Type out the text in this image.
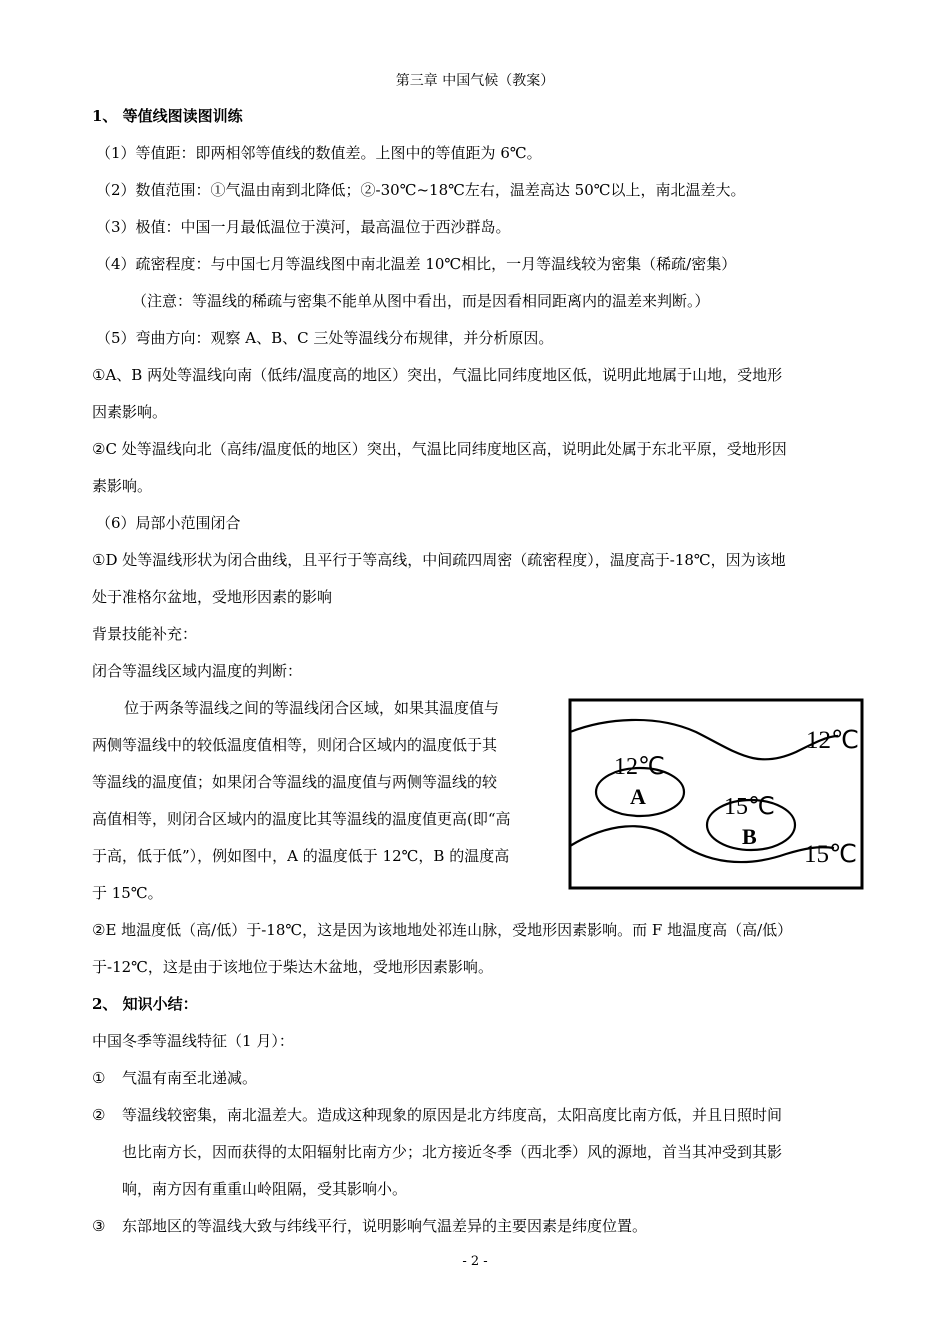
第三章 中国气候（教案）
1、 等值线图读图训练
（1）等值距：即两相邻等值线的数值差。上图中的等值距为 6℃。
（2）数值范围：①气温由南到北降低；②-30℃~18℃左右，温差高达 50℃以上，南北温差大。
（3）极值：中国一月最低温位于漠河，最高温位于西沙群岛。
（4）疏密程度：与中国七月等温线图中南北温差 10℃相比，一月等温线较为密集（稀疏/密集）
（注意：等温线的稀疏与密集不能单从图中看出，而是因看相同距离内的温差来判断。）
（5）弯曲方向：观察 A、B、C 三处等温线分布规律，并分析原因。
①A、B 两处等温线向南（低纬/温度高的地区）突出，气温比同纬度地区低，说明此地属于山地，受地形
因素影响。
②C 处等温线向北（高纬/温度低的地区）突出，气温比同纬度地区高，说明此处属于东北平原，受地形因
素影响。
（6）局部小范围闭合
①D 处等温线形状为闭合曲线，且平行于等高线，中间疏四周密（疏密程度），温度高于-18℃，因为该地
处于准格尔盆地，受地形因素的影响
背景技能补充：
闭合等温线区域内温度的判断：
位于两条等温线之间的等温线闭合区域，如果其温度值与
两侧等温线中的较低温度值相等，则闭合区域内的温度低于其
等温线的温度值；如果闭合等温线的温度值与两侧等温线的较
高值相等，则闭合区域内的温度比其等温线的温度值更高(即“高
于高，低于低”），例如图中，A 的温度低于 12℃，B 的温度高
于 15℃。
12℃
15℃
12℃
A	15℃
B
②E 地温度低（高/低）于-18℃，这是因为该地地处祁连山脉，受地形因素影响。而 F 地温度高（高/低）
于-12℃，这是由于该地位于柴达木盆地，受地形因素影响。
2、 知识小结：
中国冬季等温线特征（1 月）：
① 气温有南至北递减。
② 等温线较密集，南北温差大。造成这种现象的原因是北方纬度高，太阳高度比南方低，并且日照时间
也比南方长，因而获得的太阳辐射比南方少；北方接近冬季（西北季）风的源地，首当其冲受到其影
响，南方因有重重山岭阻隔，受其影响小。
③ 东部地区的等温线大致与纬线平行，说明影响气温差异的主要因素是纬度位置。
- 2 -
